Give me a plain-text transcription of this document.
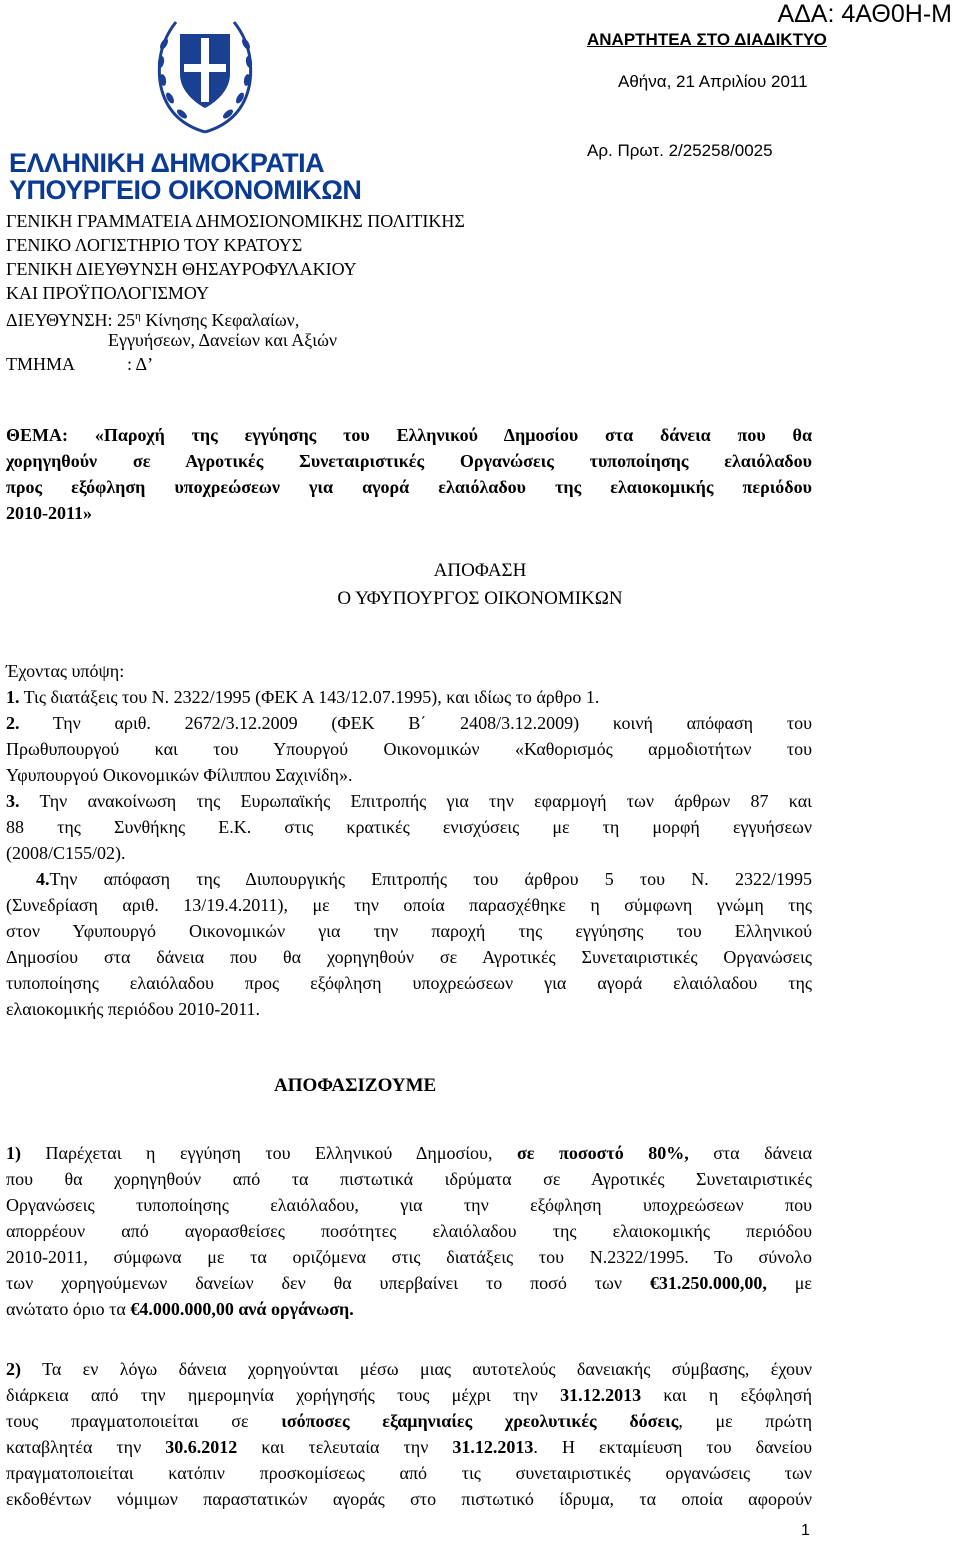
ΑΔΑ: 4ΑΘ0Η-Μ
ΑΝΑΡΤΗΤΕΑ ΣΤΟ ΔΙΑΔΙΚΤΥΟ
Αθήνα, 21 Απριλίου 2011
Αρ. Πρωτ. 2/25258/0025
ΕΛΛΗΝΙΚΗ ΔΗΜΟΚΡΑΤΙΑ
ΥΠΟΥΡΓΕΙΟ ΟΙΚΟΝΟΜΙΚΩΝ
ΓΕΝΙΚΗ ΓΡΑΜΜΑΤΕΙΑ ΔΗΜΟΣΙΟΝΟΜΙΚΗΣ ΠΟΛΙΤΙΚΗΣ
ΓΕΝΙΚΟ ΛΟΓΙΣΤΗΡΙΟ ΤΟΥ ΚΡΑΤΟΥΣ
ΓΕΝΙΚΗ ΔΙΕΥΘΥΝΣΗ ΘΗΣΑΥΡΟΦΥΛΑΚΙΟΥ
ΚΑΙ ΠΡΟΫΠΟΛΟΓΙΣΜΟΥ
ΔΙΕΥΘΥΝΣΗ: $25^\eta$ Κίνησης Κεφαλαίων,
Εγγυήσεων, Δανείων και Αξιών
ΤΜΗΜΑ	: Δ’
ΘΕΜΑ: «Παροχή της εγγύησης του Ελληνικού Δημοσίου στα δάνεια που θα
χορηγηθούν σε Αγροτικές Συνεταιριστικές Οργανώσεις τυποποίησης ελαιόλαδου
προς εξόφληση υποχρεώσεων για αγορά ελαιόλαδου της ελαιοκομικής περιόδου
2010-2011»
ΑΠΟΦΑΣΗ
Ο ΥΦΥΠΟΥΡΓΟΣ ΟΙΚΟΝΟΜΙΚΩΝ
Έχοντας υπόψη:
1. Τις διατάξεις του Ν. 2322/1995 (ΦΕΚ Α 143/12.07.1995), και ιδίως το άρθρο 1.
2. Την αριθ. 2672/3.12.2009 (ΦΕΚ Β΄ 2408/3.12.2009) κοινή απόφαση του
Πρωθυπουργού και του Υπουργού Οικονομικών «Καθορισμός αρμοδιοτήτων του
Υφυπουργού Οικονομικών Φίλιππου Σαχινίδη».
3. Την ανακοίνωση της Ευρωπαϊκής Επιτροπής για την εφαρμογή των άρθρων 87 και
88 της Συνθήκης Ε.Κ. στις κρατικές ενισχύσεις με τη μορφή εγγυήσεων
(2008/C155/02).
4.Την απόφαση της Διυπουργικής Επιτροπής του άρθρου 5 του Ν. 2322/1995
(Συνεδρίαση αριθ. 13/19.4.2011), με την οποία παρασχέθηκε η σύμφωνη γνώμη της
στον Υφυπουργό Οικονομικών για την παροχή της εγγύησης του Ελληνικού
Δημοσίου στα δάνεια που θα χορηγηθούν σε Αγροτικές Συνεταιριστικές Οργανώσεις
τυποποίησης ελαιόλαδου προς εξόφληση υποχρεώσεων για αγορά ελαιόλαδου της
ελαιοκομικής περιόδου 2010-2011.
ΑΠΟΦΑΣΙΖΟΥΜΕ
1) Παρέχεται η εγγύηση του Ελληνικού Δημοσίου, σε ποσοστό 80%, στα δάνεια
που θα χορηγηθούν από τα πιστωτικά ιδρύματα σε Αγροτικές Συνεταιριστικές
Οργανώσεις τυποποίησης ελαιόλαδου, για την εξόφληση υποχρεώσεων που
απορρέουν από αγορασθείσες ποσότητες ελαιόλαδου της ελαιοκομικής περιόδου
2010-2011, σύμφωνα με τα οριζόμενα στις διατάξεις του Ν.2322/1995. Το σύνολο
των χορηγούμενων δανείων δεν θα υπερβαίνει το ποσό των €31.250.000,00, με
ανώτατο όριο τα €4.000.000,00 ανά οργάνωση.
2) Τα εν λόγω δάνεια χορηγούνται μέσω μιας αυτοτελούς δανειακής σύμβασης, έχουν
διάρκεια από την ημερομηνία χορήγησής τους μέχρι την 31.12.2013 και η εξόφλησή
τους πραγματοποιείται σε ισόποσες εξαμηνιαίες χρεολυτικές δόσεις, με πρώτη
καταβλητέα την 30.6.2012 και τελευταία την 31.12.2013. Η εκταμίευση του δανείου
πραγματοποιείται κατόπιν προσκομίσεως από τις συνεταιριστικές οργανώσεις των
εκδοθέντων νόμιμων παραστατικών αγοράς στο πιστωτικό ίδρυμα, τα οποία αφορούν
1
